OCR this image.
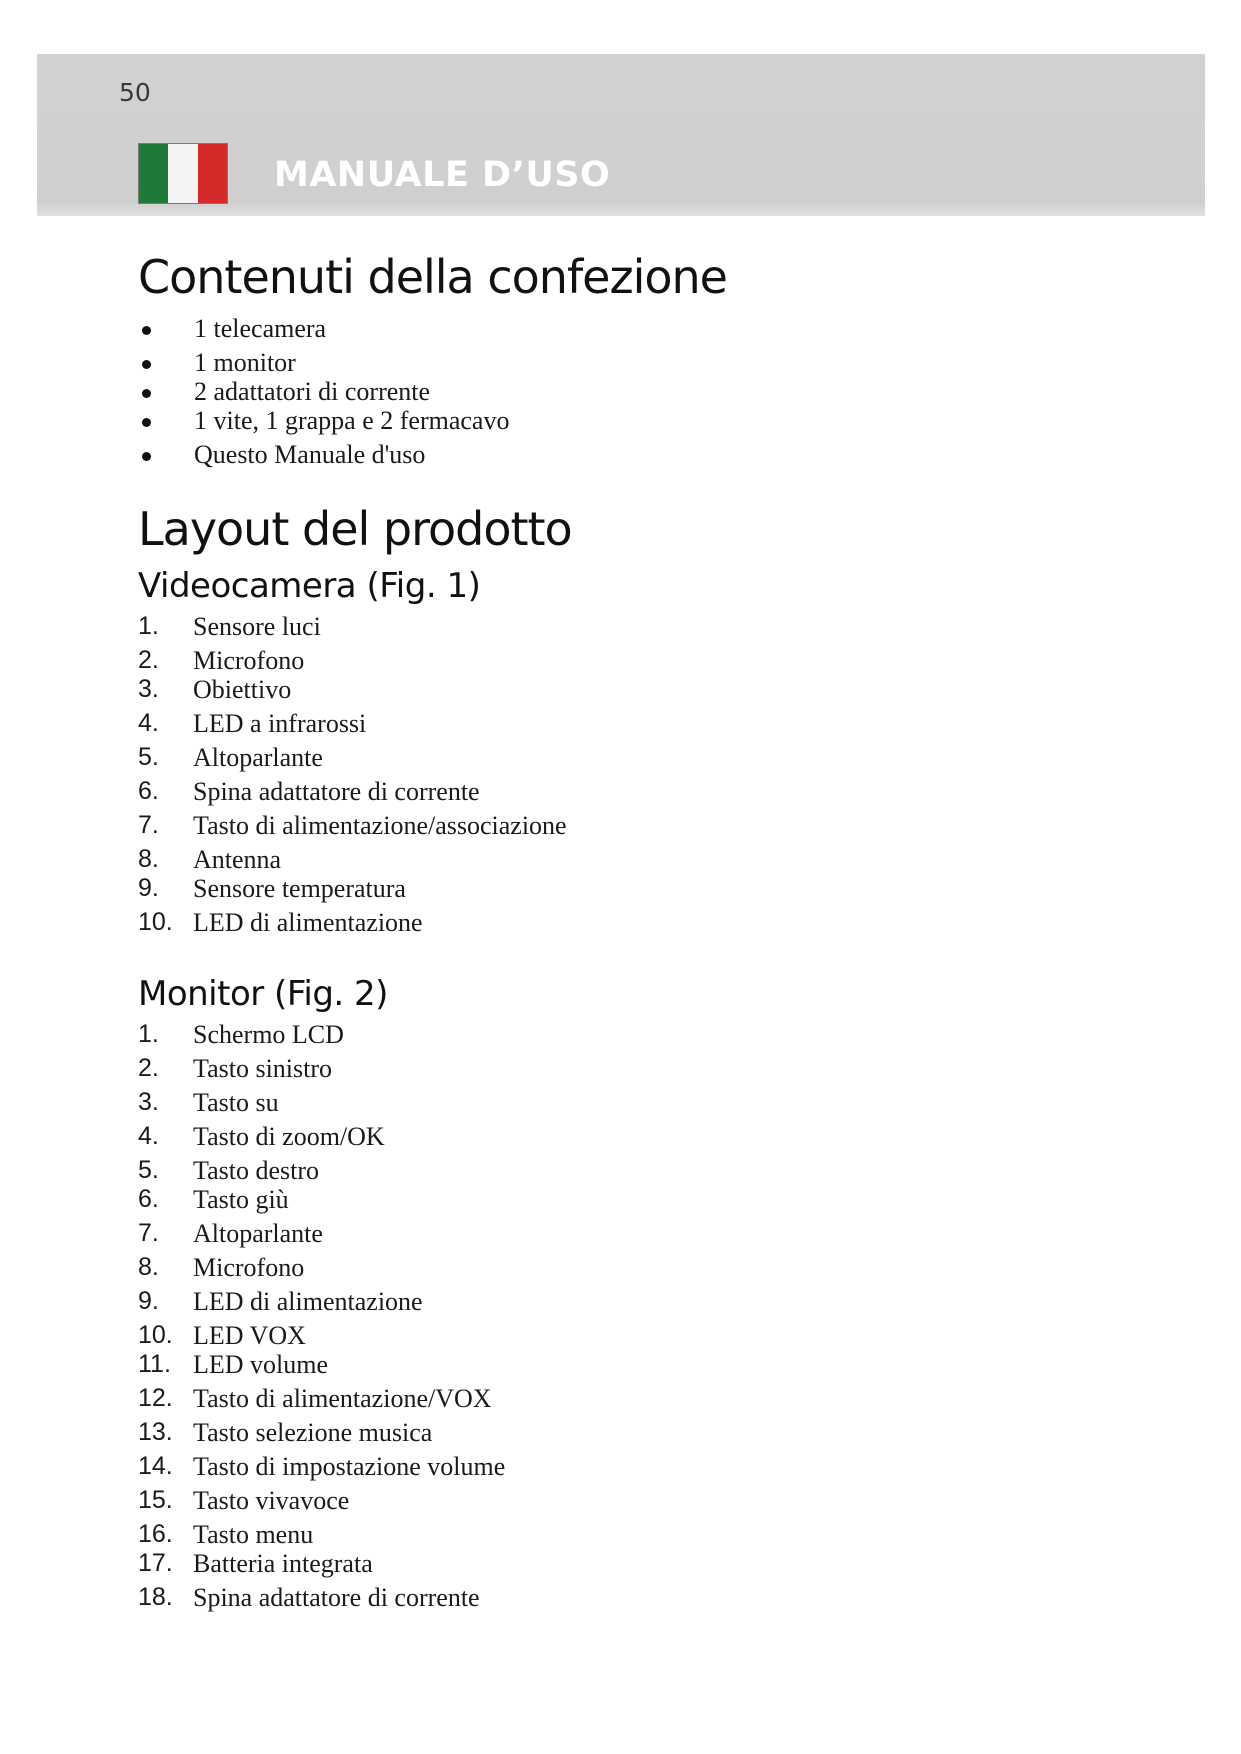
50
MANUALE D’USO
Contenuti della confezione
1 telecamera
1 monitor
2 adattatori di corrente
1 vite, 1 grappa e 2 fermacavo
Questo Manuale d'uso
Layout del prodotto
Videocamera (Fig. 1)
1. Sensore luci
2. Microfono
3. Obiettivo
4. LED a infrarossi
5. Altoparlante
6. Spina adattatore di corrente
7. Tasto di alimentazione/associazione
8. Antenna
9. Sensore temperatura
10. LED di alimentazione
Monitor (Fig. 2)
1. Schermo LCD
2. Tasto sinistro
3. Tasto su
4. Tasto di zoom/OK
5. Tasto destro
6. Tasto giù
7. Altoparlante
8. Microfono
9. LED di alimentazione
10. LED VOX
11. LED volume
12. Tasto di alimentazione/VOX
13. Tasto selezione musica
14. Tasto di impostazione volume
15. Tasto vivavoce
16. Tasto menu
17. Batteria integrata
18. Spina adattatore di corrente
